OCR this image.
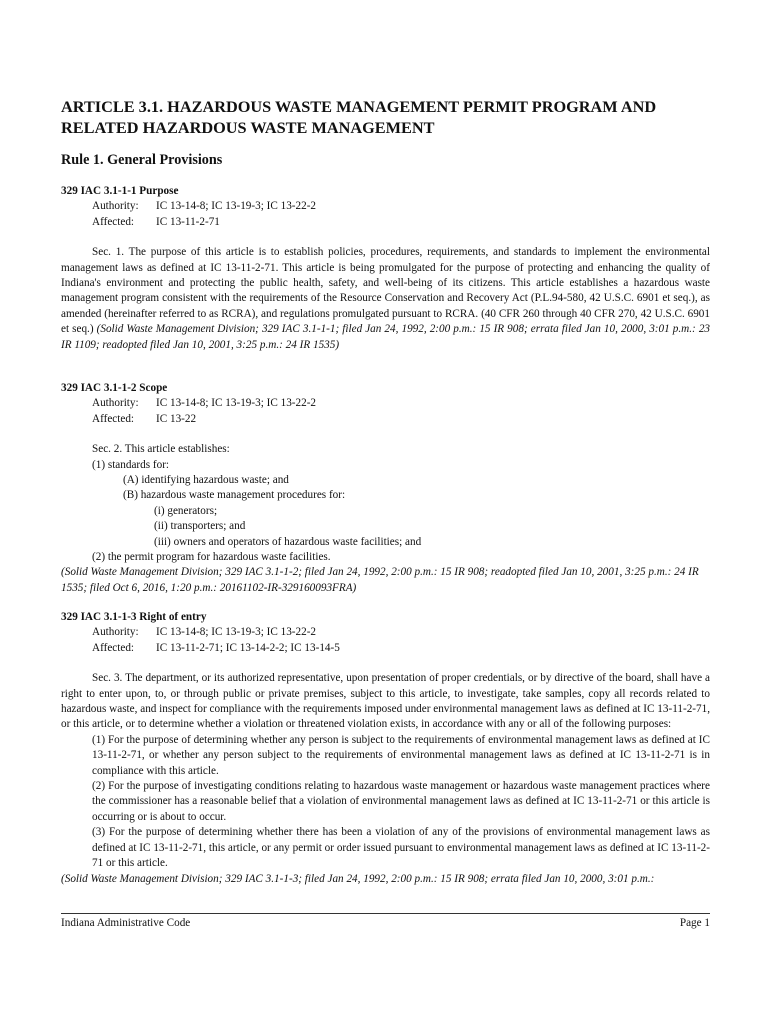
ARTICLE 3.1. HAZARDOUS WASTE MANAGEMENT PERMIT PROGRAM AND RELATED HAZARDOUS WASTE MANAGEMENT
Rule 1. General Provisions
329 IAC 3.1-1-1 Purpose
Authority: IC 13-14-8; IC 13-19-3; IC 13-22-2
Affected: IC 13-11-2-71
Sec. 1. The purpose of this article is to establish policies, procedures, requirements, and standards to implement the environmental management laws as defined at IC 13-11-2-71. This article is being promulgated for the purpose of protecting and enhancing the quality of Indiana's environment and protecting the public health, safety, and well-being of its citizens. This article establishes a hazardous waste management program consistent with the requirements of the Resource Conservation and Recovery Act (P.L.94-580, 42 U.S.C. 6901 et seq.), as amended (hereinafter referred to as RCRA), and regulations promulgated pursuant to RCRA. (40 CFR 260 through 40 CFR 270, 42 U.S.C. 6901 et seq.) (Solid Waste Management Division; 329 IAC 3.1-1-1; filed Jan 24, 1992, 2:00 p.m.: 15 IR 908; errata filed Jan 10, 2000, 3:01 p.m.: 23 IR 1109; readopted filed Jan 10, 2001, 3:25 p.m.: 24 IR 1535)
329 IAC 3.1-1-2 Scope
Authority: IC 13-14-8; IC 13-19-3; IC 13-22-2
Affected: IC 13-22
Sec. 2. This article establishes:
(1) standards for:
(A) identifying hazardous waste; and
(B) hazardous waste management procedures for:
(i) generators;
(ii) transporters; and
(iii) owners and operators of hazardous waste facilities; and
(2) the permit program for hazardous waste facilities.
(Solid Waste Management Division; 329 IAC 3.1-1-2; filed Jan 24, 1992, 2:00 p.m.: 15 IR 908; readopted filed Jan 10, 2001, 3:25 p.m.: 24 IR 1535; filed Oct 6, 2016, 1:20 p.m.: 20161102-IR-329160093FRA)
329 IAC 3.1-1-3 Right of entry
Authority: IC 13-14-8; IC 13-19-3; IC 13-22-2
Affected: IC 13-11-2-71; IC 13-14-2-2; IC 13-14-5
Sec. 3. The department, or its authorized representative, upon presentation of proper credentials, or by directive of the board, shall have a right to enter upon, to, or through public or private premises, subject to this article, to investigate, take samples, copy all records related to hazardous waste, and inspect for compliance with the requirements imposed under environmental management laws as defined at IC 13-11-2-71, or this article, or to determine whether a violation or threatened violation exists, in accordance with any or all of the following purposes:
(1) For the purpose of determining whether any person is subject to the requirements of environmental management laws as defined at IC 13-11-2-71, or whether any person subject to the requirements of environmental management laws as defined at IC 13-11-2-71 is in compliance with this article.
(2) For the purpose of investigating conditions relating to hazardous waste management or hazardous waste management practices where the commissioner has a reasonable belief that a violation of environmental management laws as defined at IC 13-11-2-71 or this article is occurring or is about to occur.
(3) For the purpose of determining whether there has been a violation of any of the provisions of environmental management laws as defined at IC 13-11-2-71, this article, or any permit or order issued pursuant to environmental management laws as defined at IC 13-11-2-71 or this article.
(Solid Waste Management Division; 329 IAC 3.1-1-3; filed Jan 24, 1992, 2:00 p.m.: 15 IR 908; errata filed Jan 10, 2000, 3:01 p.m.:
Indiana Administrative Code	Page 1
